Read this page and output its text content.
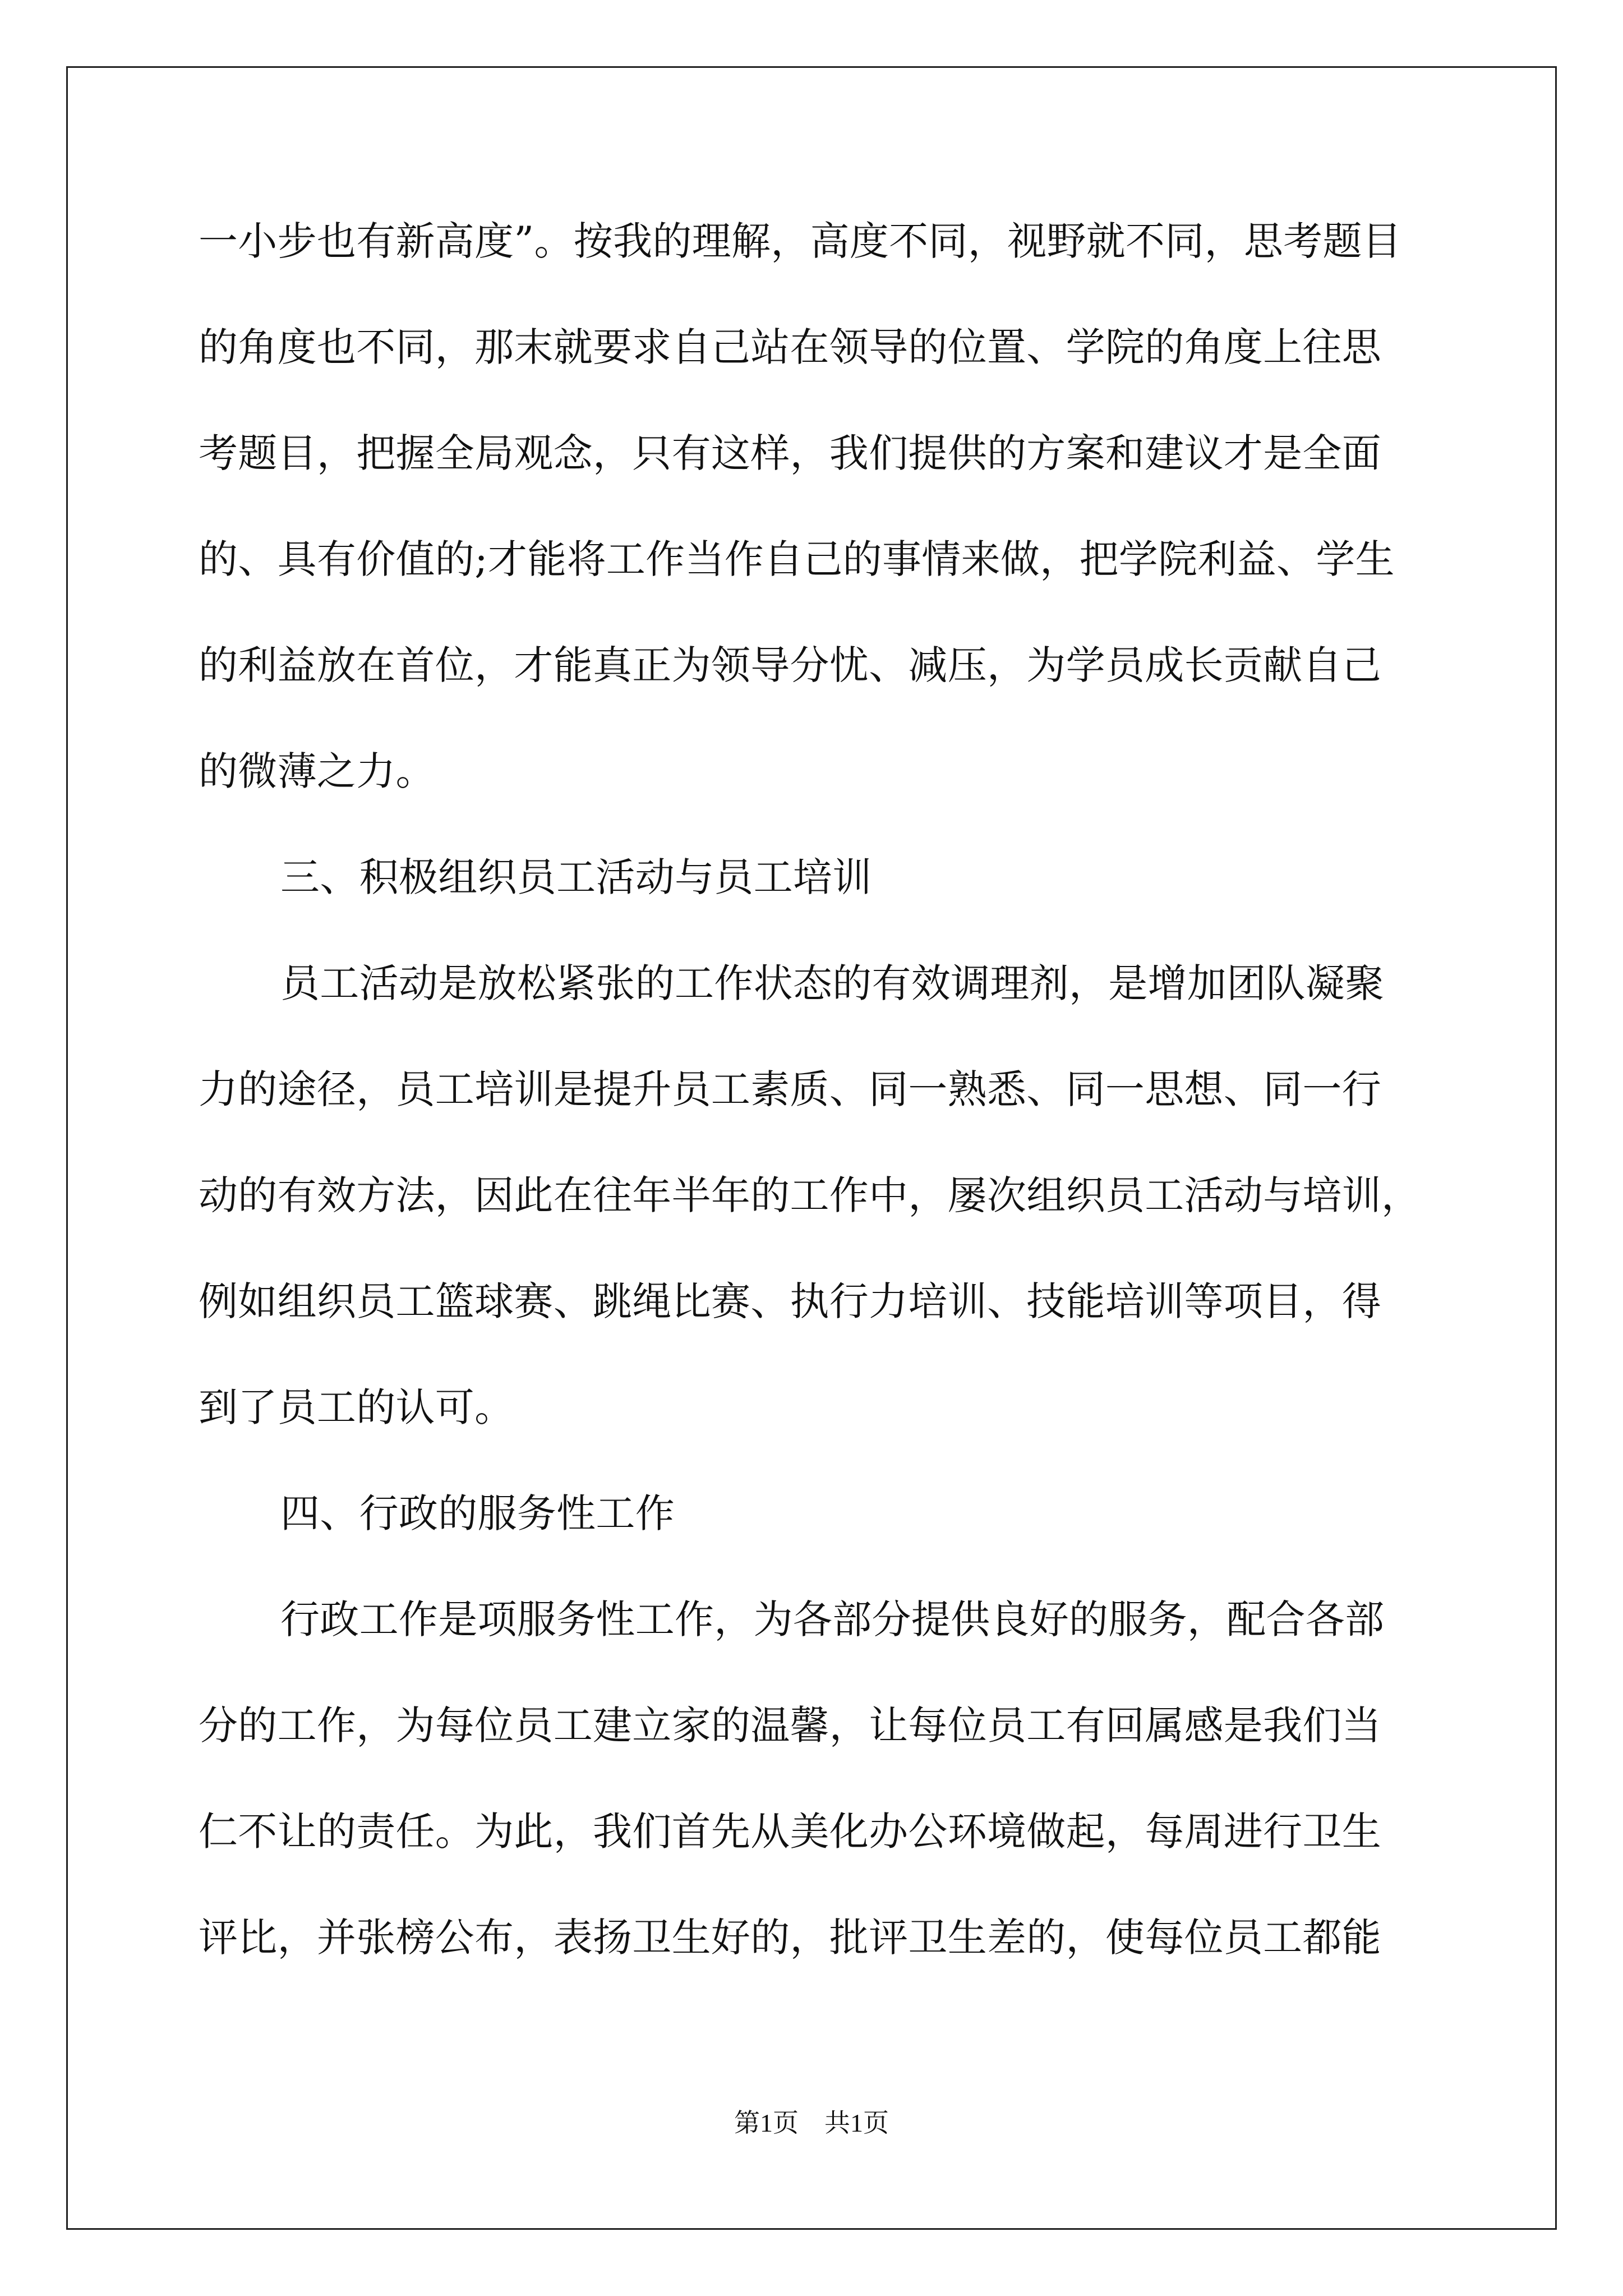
一小步也有新高度”。按我的理解，高度不同，视野就不同，思考题目
的角度也不同，那末就要求自己站在领导的位置、学院的角度上往思
考题目，把握全局观念，只有这样，我们提供的方案和建议才是全面
的、具有价值的;才能将工作当作自己的事情来做，把学院利益、学生
的利益放在首位，才能真正为领导分忧、减压，为学员成长贡献自己
的微薄之力。
三、积极组织员工活动与员工培训
员工活动是放松紧张的工作状态的有效调理剂，是增加团队凝聚
力的途径，员工培训是提升员工素质、同一熟悉、同一思想、同一行
动的有效方法，因此在往年半年的工作中，屡次组织员工活动与培训，
例如组织员工篮球赛、跳绳比赛、执行力培训、技能培训等项目，得
到了员工的认可。
四、行政的服务性工作
行政工作是项服务性工作，为各部分提供良好的服务，配合各部
分的工作，为每位员工建立家的温馨，让每位员工有回属感是我们当
仁不让的责任。为此，我们首先从美化办公环境做起，每周进行卫生
评比，并张榜公布，表扬卫生好的，批评卫生差的，使每位员工都能
第1页　共1页
